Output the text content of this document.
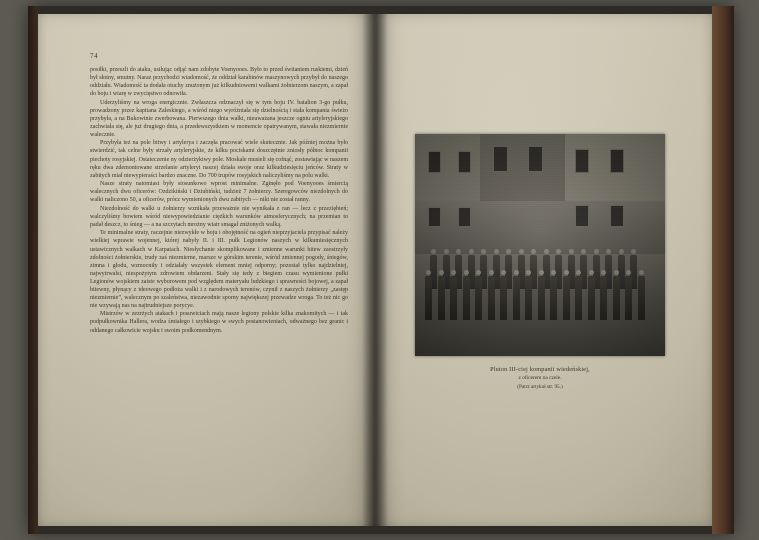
74

posiłki, przeszli do ataku, usiłując odjąć nam zdobyte Voenyooes. Było to przed świtaniem ruskiemi, dzień był słotny, smutny. Naraz przychodzi wiadomość, że oddział karabinów maszynowych przybył do naszego oddziału. Wiadomość ta dodała otuchy znużonym już kilkudniowemi walkami żołnierzom naszym, a zapał do boju i wiarę w zwycięstwo odnowiła.

Uderzyliśmy na wroga energicznie. Zwłaszcza odznaczył się w tym boju IV. batalion 3-go pułku, prowadzony przez kapitana Zaleskiego, a wśród niego wyróżniała się dzielnością i stała kompania świeżo przybyła, a na Bukowinie zwerbowana. Pierwszego dnia walki, nieuważana jeszcze ogniu artyleryjskiego zachwiała się, ale już drugiego dnia, a przedewszystkiem w momencie opatrywanym, stawała niezmiernie walecznie.

Przybyła też na pole bitwy i artylerya i zaczęła pracować wiele skutecznie. Jak później można było stwierdzić, tak celne były strzały artyleryjskie, że kilku pociskami doszczętnie zniosły północ kompanii piechoty rosyjskiej. Ostateczenie ny odzierżykiwy pole. Moskale musieli się cofnąć, zostawiając w naszem ręku dwa zdemontowane strzelanie artyleryi naszej działa swoje oraz kilkudziesięciu jeńców. Straty w zabitych miał niewypieraści bardzo znaczne. Do 700 trupów rosyjskich naliczyliśmy na polu walki.

Nasze straty natomiast były stosunkowo wprost minimalne. Zginęło pod Voenyooes śmiercią walecznych dwu oficerów: Ozdzikiński i Dziubiński, tudzież 7 żołnierzy. Szeregowców niezdolnych do walki naliczono 50, a oficerów, prócz wymienionych dwu zabitych — nikt nie został ranny.

Niezdolność do walki u żołnierzy wznikała przeważnie nie wynikała z ran — lecz z przeziębień; walczyliśmy bowiem wśród niewypowiedzianie ciężkich warunków atmosferycznych; na przemian to padał deszcz, to śnieg — a na szczytach mrożny wiatr smagał zniżonych walką.

Te minimalne straty, raczejnie niezwykłe w boju i obojętność na ogień nieprzyjaciela przypisać należy wielkiej wprawie wojennej, której nabyły II. i III. pułk Legionów naszych w kilkumiesięcznych ustawicznych walkach w Karpatach. Niesłychanie skomplikowane i zmienne warunki bitew zaostrzyły zdolności żołnierskie, trudy zaś niezmierne, marsze w górskim terenie, wśród zmiennej pogody, śniegów, zimna i głodu, wzmocniły i odziałały wszystek element mniej odporny; pozostał tylko najdzielniej, najwytrwalsi, niespożytym zdrowiem obdarzeni. Stały się tedy z biegiem czasu wymienione pułki Legionów wojskiem zaiste wyborowem pod względem materyału ludzkiego i sprawności bojowej, a zapał bitewny, płynący z ideowego podłoża walki i z narodowych terenów, czynił z naszych żołnierzy „zastęp niezmiernie”, walecznym po szaleństwa, niezawodnie sporny największej przewadze wroga. To też nic go nie wzywają nas na najtrudniejsze porycye.

Mistrzów w zezrżych atakach i posuwiciach mają nasze legiony polskie kilka znakomitych — i tak podpułkownika Hallera, wodza śmiałego i szybkiego w swych postanowieniach, odważnego bez granic i oddanego całkowicie wojsku i swoim podkomendnym.

Pluton III-ciej kompanii wiedeńskiej,
z oficerem na czele.
(Patrz artykuł str. 95.)
